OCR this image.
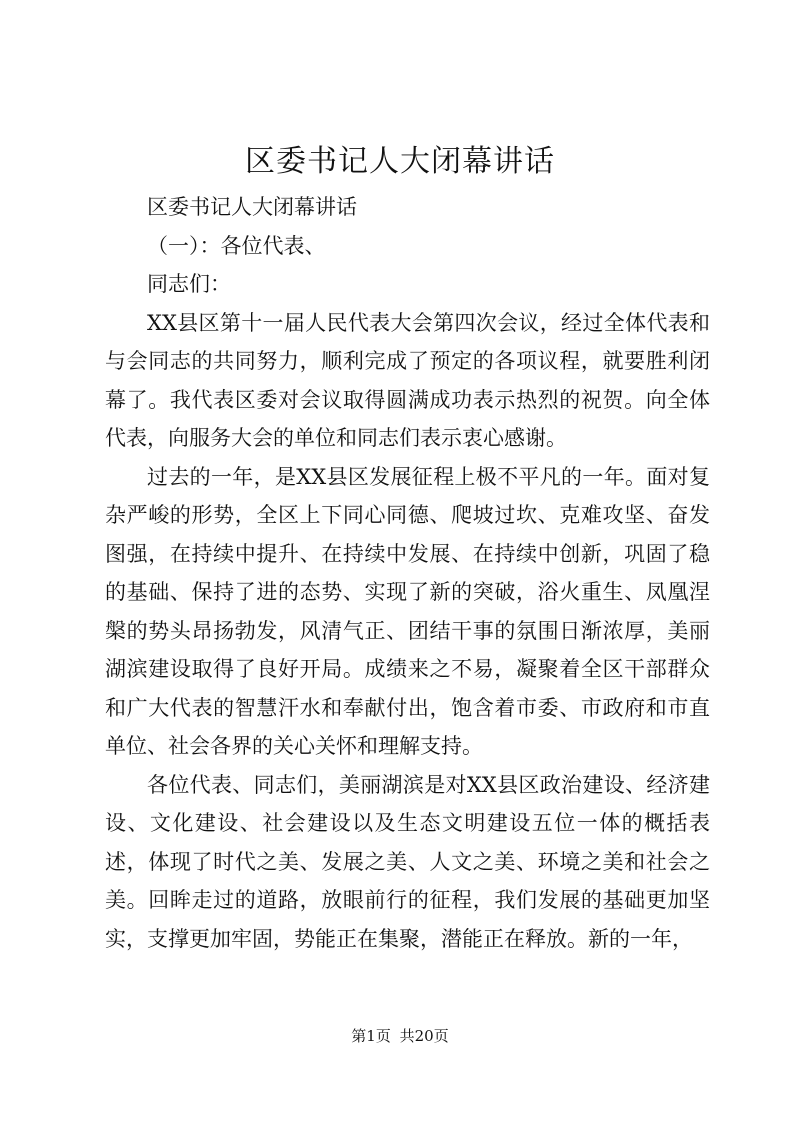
区委书记人大闭幕讲话

区委书记人大闭幕讲话

（一）：各位代表、

同志们：

XX县区第十一届人民代表大会第四次会议，经过全体代表和与会同志的共同努力，顺利完成了预定的各项议程，就要胜利闭幕了。我代表区委对会议取得圆满成功表示热烈的祝贺。向全体代表，向服务大会的单位和同志们表示衷心感谢。

过去的一年，是XX县区发展征程上极不平凡的一年。面对复杂严峻的形势，全区上下同心同德、爬坡过坎、克难攻坚、奋发图强，在持续中提升、在持续中发展、在持续中创新，巩固了稳的基础、保持了进的态势、实现了新的突破，浴火重生、凤凰涅槃的势头昂扬勃发，风清气正、团结干事的氛围日渐浓厚，美丽湖滨建设取得了良好开局。成绩来之不易，凝聚着全区干部群众和广大代表的智慧汗水和奉献付出，饱含着市委、市政府和市直单位、社会各界的关心关怀和理解支持。

各位代表、同志们，美丽湖滨是对XX县区政治建设、经济建设、文化建设、社会建设以及生态文明建设五位一体的概括表述，体现了时代之美、发展之美、人文之美、环境之美和社会之美。回眸走过的道路，放眼前行的征程，我们发展的基础更加坚实，支撑更加牢固，势能正在集聚，潜能正在释放。新的一年，

第1页 共20页
